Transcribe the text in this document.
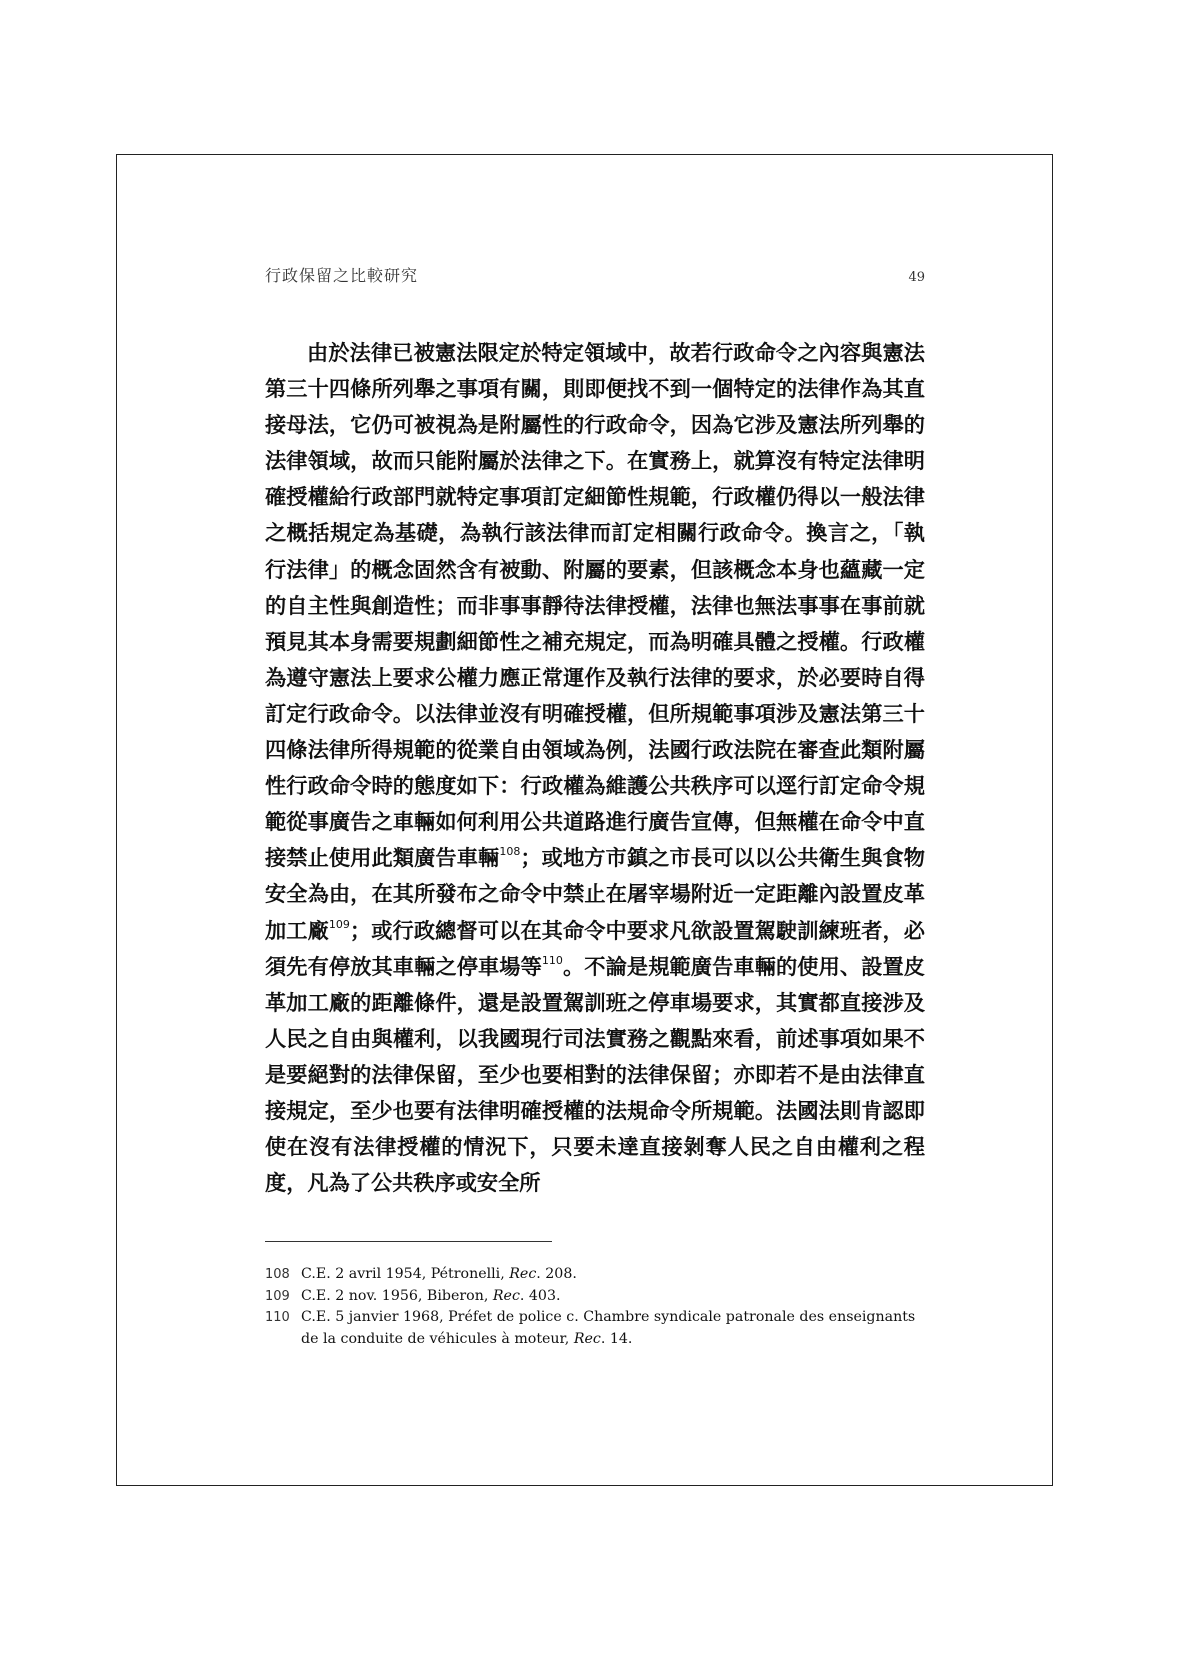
行政保留之比較研究	49

由於法律已被憲法限定於特定領域中，故若行政命令之內容與憲法第三十四條所列舉之事項有關，則即便找不到一個特定的法律作為其直接母法，它仍可被視為是附屬性的行政命令，因為它涉及憲法所列舉的法律領域，故而只能附屬於法律之下。在實務上，就算沒有特定法律明確授權給行政部門就特定事項訂定細節性規範，行政權仍得以一般法律之概括規定為基礎，為執行該法律而訂定相關行政命令。換言之，「執行法律」的概念固然含有被動、附屬的要素，但該概念本身也蘊藏一定的自主性與創造性；而非事事靜待法律授權，法律也無法事事在事前就預見其本身需要規劃細節性之補充規定，而為明確具體之授權。行政權為遵守憲法上要求公權力應正常運作及執行法律的要求，於必要時自得訂定行政命令。以法律並沒有明確授權，但所規範事項涉及憲法第三十四條法律所得規範的從業自由領域為例，法國行政法院在審查此類附屬性行政命令時的態度如下：行政權為維護公共秩序可以逕行訂定命令規範從事廣告之車輛如何利用公共道路進行廣告宣傳，但無權在命令中直接禁止使用此類廣告車輛$^{108}$；或地方市鎮之市長可以以公共衛生與食物安全為由，在其所發布之命令中禁止在屠宰場附近一定距離內設置皮革加工廠$^{109}$；或行政總督可以在其命令中要求凡欲設置駕駛訓練班者，必須先有停放其車輛之停車場等$^{110}$。不論是規範廣告車輛的使用、設置皮革加工廠的距離條件，還是設置駕訓班之停車場要求，其實都直接涉及人民之自由與權利，以我國現行司法實務之觀點來看，前述事項如果不是要絕對的法律保留，至少也要相對的法律保留；亦即若不是由法律直接規定，至少也要有法律明確授權的法規命令所規範。法國法則肯認即使在沒有法律授權的情況下，只要未達直接剝奪人民之自由權利之程度，凡為了公共秩序或安全所

108 C.E. 2 avril 1954, Pétronelli, Rec. 208.
109 C.E. 2 nov. 1956, Biberon, Rec. 403.
110 C.E. 5 janvier 1968, Préfet de police c. Chambre syndicale patronale des enseignants de la conduite de véhicules à moteur, Rec. 14.
